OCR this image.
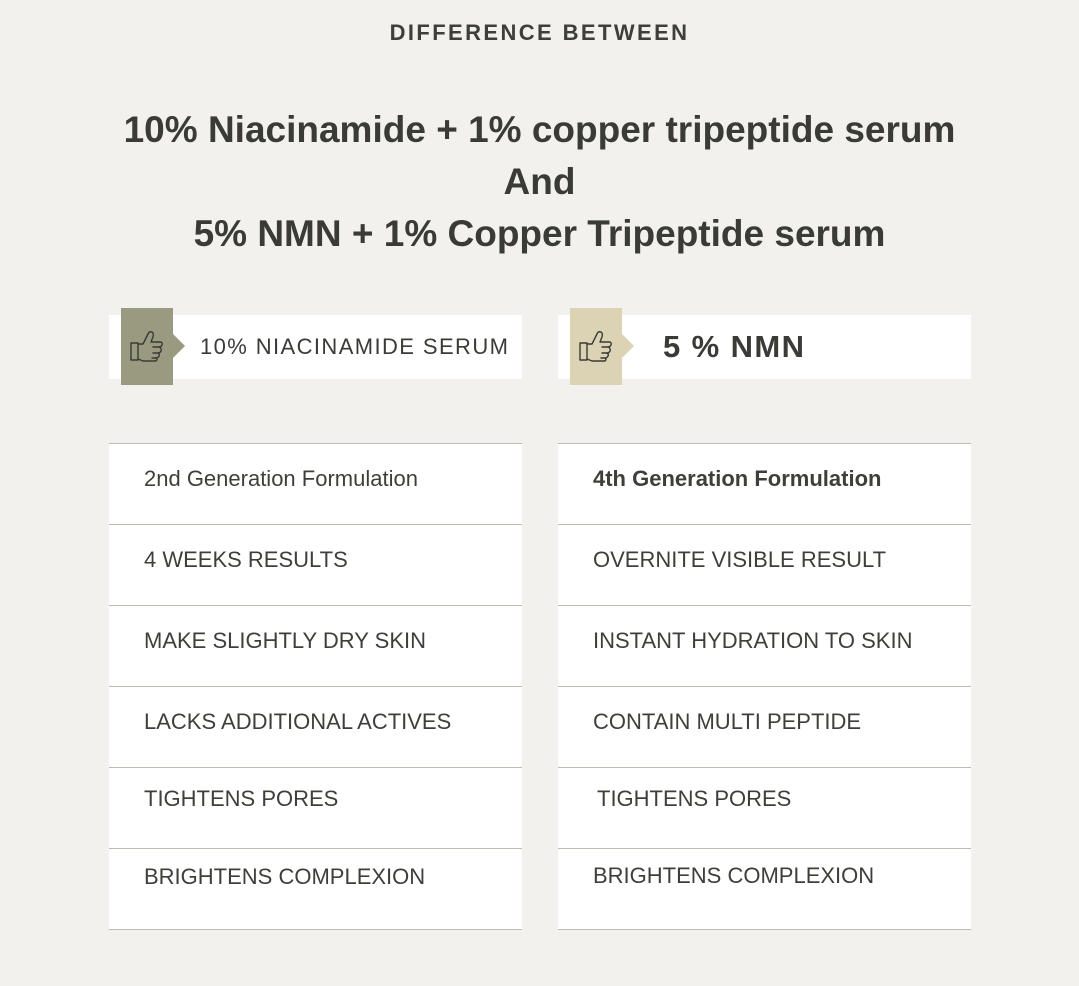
DIFFERENCE BETWEEN
10% Niacinamide + 1% copper tripeptide serum
And
5% NMN + 1% Copper Tripeptide serum
10% NIACINAMIDE SERUM	5 % NMN
2nd Generation Formulation
4 WEEKS RESULTS
MAKE SLIGHTLY DRY SKIN
LACKS ADDITIONAL ACTIVES
TIGHTENS PORES
BRIGHTENS COMPLEXION
4th Generation Formulation
OVERNITE VISIBLE RESULT
INSTANT HYDRATION TO SKIN
CONTAIN MULTI PEPTIDE
TIGHTENS PORES
BRIGHTENS COMPLEXION
